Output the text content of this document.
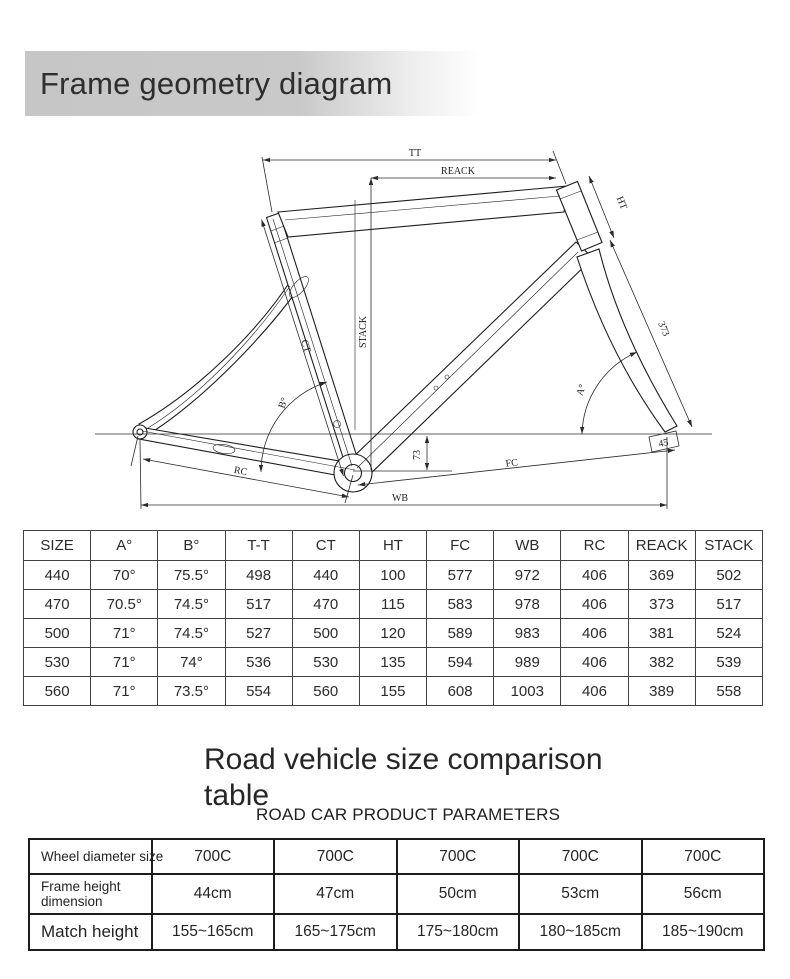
Frame geometry diagram
TT
REACK
HT
STACK
CT
373
A°
B°
73
45
RC
FC
WB
SIZE	A°	B°	T-T	CT	HT	FC	WB	RC	REACK	STACK
440	70°	75.5°	498	440	100	577	972	406	369	502
470	70.5°	74.5°	517	470	115	583	978	406	373	517
500	71°	74.5°	527	500	120	589	983	406	381	524
530	71°	74°	536	530	135	594	989	406	382	539
560	71°	73.5°	554	560	155	608	1003	406	389	558
Road vehicle size comparison table
ROAD CAR PRODUCT PARAMETERS
Wheel diameter size	700C	700C	700C	700C	700C
Frame height dimension	44cm	47cm	50cm	53cm	56cm
Match height	155~165cm	165~175cm	175~180cm	180~185cm	185~190cm
